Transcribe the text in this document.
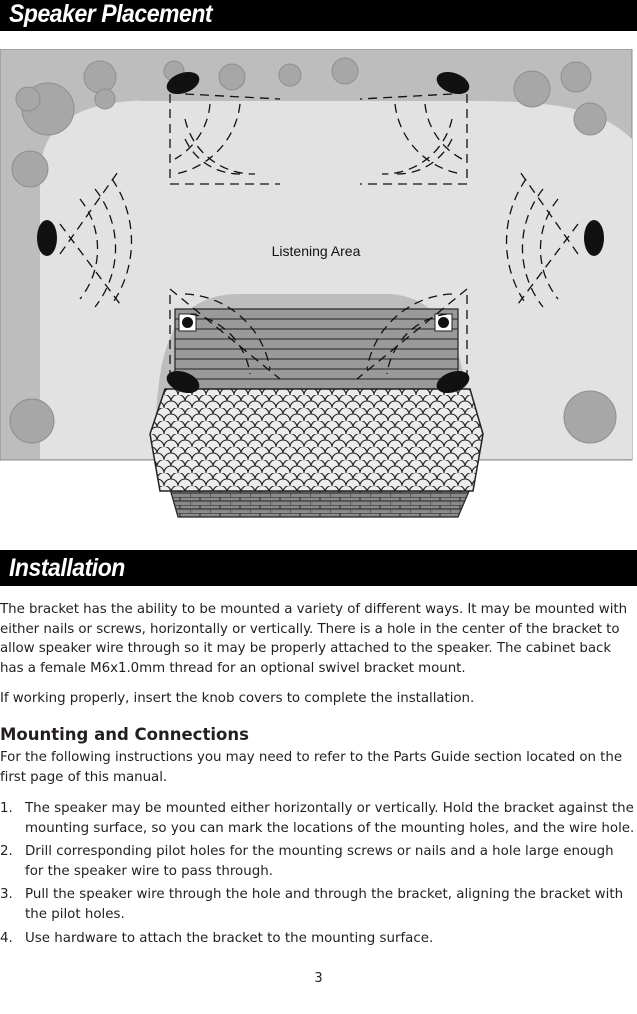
Speaker Placement
Listening Area
Installation

The bracket has the ability to be mounted a variety of different ways. It may be mounted with either nails or screws, horizontally or vertically. There is a hole in the center of the bracket to allow speaker wire through so it may be properly attached to the speaker. The cabinet back has a female M6x1.0mm thread for an optional swivel bracket mount.

If working properly, insert the knob covers to complete the installation.

Mounting and Connections

For the following instructions you may need to refer to the Parts Guide section located on the first page of this manual.

1. The speaker may be mounted either horizontally or vertically. Hold the bracket against the mounting surface, so you can mark the locations of the mounting holes, and the wire hole.
2. Drill corresponding pilot holes for the mounting screws or nails and a hole large enough for the speaker wire to pass through.
3. Pull the speaker wire through the hole and through the bracket, aligning the bracket with the pilot holes.
4. Use hardware to attach the bracket to the mounting surface.
3
